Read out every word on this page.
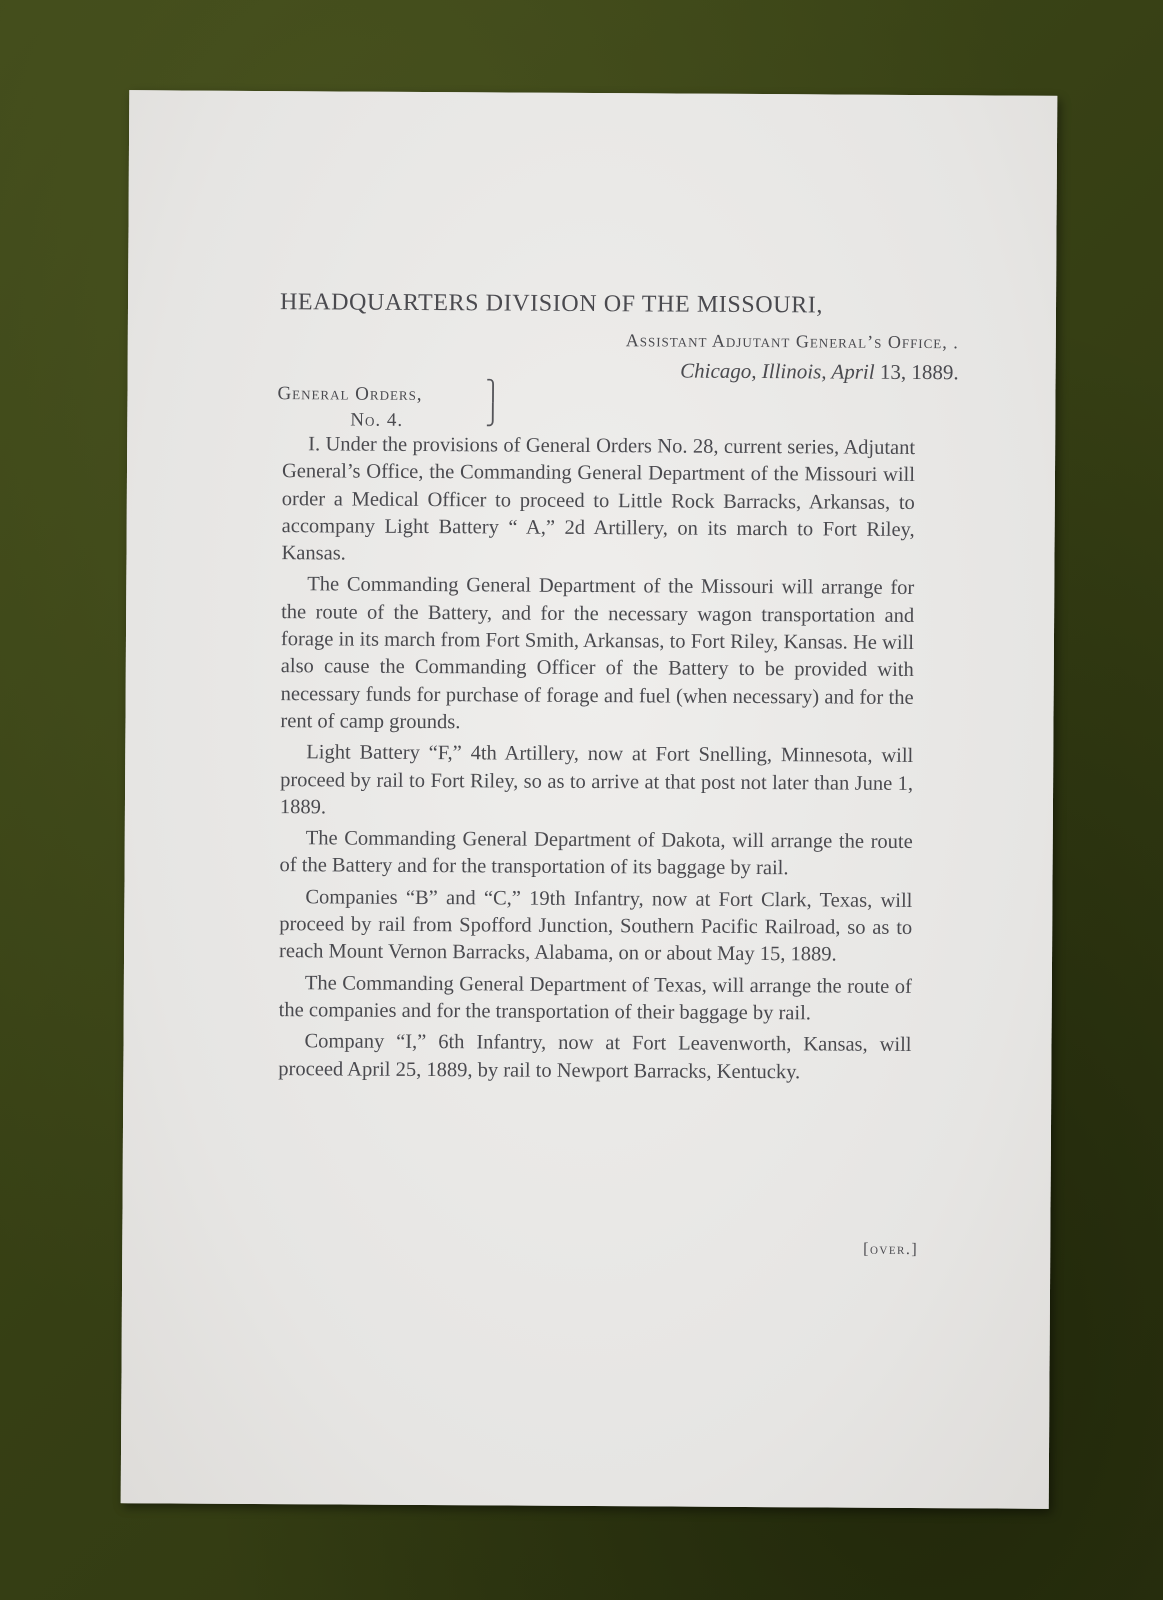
HEADQUARTERS DIVISION OF THE MISSOURI,
Assistant Adjutant General’s Office, .
Chicago, Illinois, April 13, 1889.
General Orders,
No. 4.
⎫
⎭

I. Under the provisions of General Orders No. 28, current series, Adjutant General’s Office, the Commanding General Department of the Missouri will order a Medical Officer to proceed to Little Rock Barracks, Arkansas, to accompany Light Battery “ A,” 2d Artillery, on its march to Fort Riley, Kansas.

The Commanding General Department of the Missouri will arrange for the route of the Battery, and for the necessary wagon transportation and forage in its march from Fort Smith, Arkansas, to Fort Riley, Kansas. He will also cause the Commanding Officer of the Battery to be provided with necessary funds for purchase of forage and fuel (when necessary) and for the rent of camp grounds.

Light Battery “F,” 4th Artillery, now at Fort Snelling, Minnesota, will proceed by rail to Fort Riley, so as to arrive at that post not later than June 1, 1889.

The Commanding General Department of Dakota, will arrange the route of the Battery and for the transportation of its baggage by rail.

Companies “B” and “C,” 19th Infantry, now at Fort Clark, Texas, will proceed by rail from Spofford Junction, Southern Pacific Railroad, so as to reach Mount Vernon Barracks, Alabama, on or about May 15, 1889.

The Commanding General Department of Texas, will arrange the route of the companies and for the transportation of their baggage by rail.

Company “I,” 6th Infantry, now at Fort Leavenworth, Kansas, will proceed April 25, 1889, by rail to Newport Barracks, Kentucky.

[over.]
